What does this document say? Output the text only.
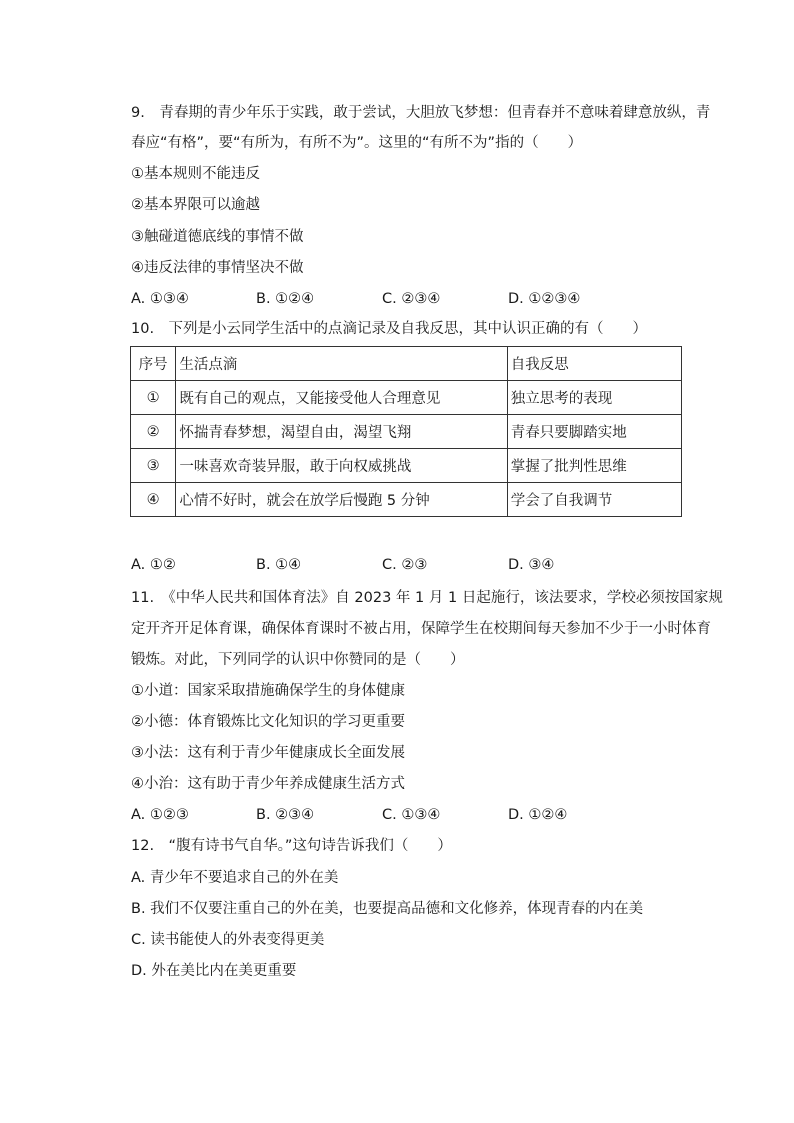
9.　青春期的青少年乐于实践，敢于尝试，大胆放飞梦想：但青春并不意味着肆意放纵，青

春应“有格”，要“有所为，有所不为”。这里的“有所不为”指的（　　）

①基本规则不能违反

②基本界限可以逾越

③触碰道德底线的事情不做

④违反法律的事情坚决不做

A. ①③④	B. ①②④	C. ②③④	D. ①②③④

10.　下列是小云同学生活中的点滴记录及自我反思，其中认识正确的有（　　）

序号	生活点滴	自我反思
①	既有自己的观点，又能接受他人合理意见	独立思考的表现
②	怀揣青春梦想，渴望自由，渴望飞翔	青春只要脚踏实地
③	一味喜欢奇装异服，敢于向权威挑战	掌握了批判性思维
④	心情不好时，就会在放学后慢跑 5 分钟	学会了自我调节
A. ①②	B. ①④	C. ②③	D. ③④

11.　《中华人民共和国体育法》自 2023 年 1 月 1 日起施行，该法要求，学校必须按国家规

定开齐开足体育课，确保体育课时不被占用，保障学生在校期间每天参加不少于一小时体育

锻炼。对此，下列同学的认识中你赞同的是（　　）

①小道：国家采取措施确保学生的身体健康

②小德：体育锻炼比文化知识的学习更重要

③小法：这有利于青少年健康成长全面发展

④小治：这有助于青少年养成健康生活方式

A. ①②③	B. ②③④	C. ①③④	D. ①②④

12.　“腹有诗书气自华。”这句诗告诉我们（　　）

A. 青少年不要追求自己的外在美

B. 我们不仅要注重自己的外在美，也要提高品德和文化修养，体现青春的内在美

C. 读书能使人的外表变得更美

D. 外在美比内在美更重要
